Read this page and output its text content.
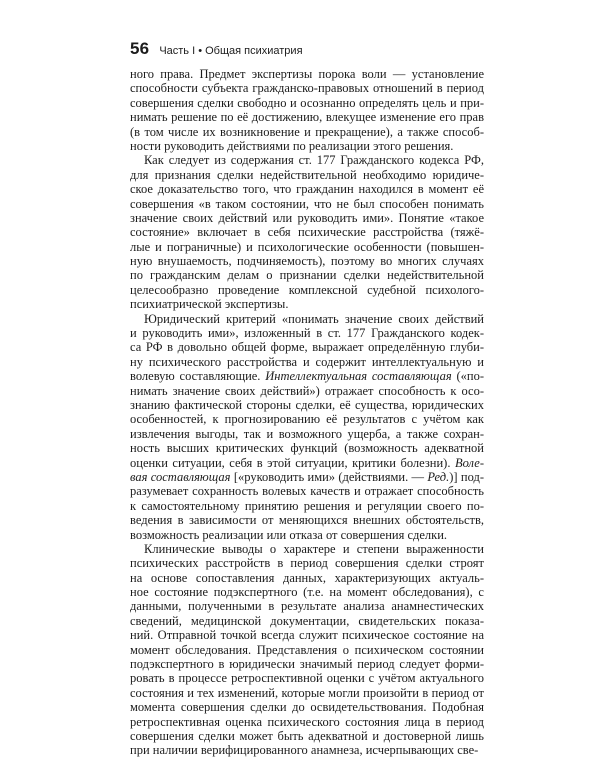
56 Часть I • Общая психиатрия

ного права. Предмет экспертизы порока воли — установление
способности субъекта гражданско-правовых отношений в период
совершения сделки свободно и осознанно определять цель и при-
нимать решение по её достижению, влекущее изменение его прав
(в том числе их возникновение и прекращение), а также способ-
ности руководить действиями по реализации этого решения.

Как следует из содержания ст. 177 Гражданского кодекса РФ,
для признания сделки недействительной необходимо юридиче-
ское доказательство того, что гражданин находился в момент её
совершения «в таком состоянии, что не был способен понимать
значение своих действий или руководить ими». Понятие «такое
состояние» включает в себя психические расстройства (тяжё-
лые и пограничные) и психологические особенности (повышен-
ную внушаемость, подчиняемость), поэтому во многих случаях
по гражданским делам о признании сделки недействительной
целесообразно проведение комплексной судебной психолого-
психиатрической экспертизы.

Юридический критерий «понимать значение своих действий
и руководить ими», изложенный в ст. 177 Гражданского кодек-
са РФ в довольно общей форме, выражает определённую глуби-
ну психического расстройства и содержит интеллектуальную и
волевую составляющие. Интеллектуальная составляющая («по-
нимать значение своих действий») отражает способность к осо-
знанию фактической стороны сделки, её существа, юридических
особенностей, к прогнозированию её результатов с учётом как
извлечения выгоды, так и возможного ущерба, а также сохран-
ность высших критических функций (возможность адекватной
оценки ситуации, себя в этой ситуации, критики болезни). Воле-
вая составляющая [«руководить ими» (действиями. — Ред.)] под-
разумевает сохранность волевых качеств и отражает способность
к самостоятельному принятию решения и регуляции своего по-
ведения в зависимости от меняющихся внешних обстоятельств,
возможность реализации или отказа от совершения сделки.

Клинические выводы о характере и степени выраженности
психических расстройств в период совершения сделки строят
на основе сопоставления данных, характеризующих актуаль-
ное состояние подэкспертного (т.е. на момент обследования), с
данными, полученными в результате анализа анамнестических
сведений, медицинской документации, свидетельских показа-
ний. Отправной точкой всегда служит психическое состояние на
момент обследования. Представления о психическом состоянии
подэкспертного в юридически значимый период следует форми-
ровать в процессе ретроспективной оценки с учётом актуального
состояния и тех изменений, которые могли произойти в период от
момента совершения сделки до освидетельствования. Подобная
ретроспективная оценка психического состояния лица в период
совершения сделки может быть адекватной и достоверной лишь
при наличии верифицированного анамнеза, исчерпывающих све-
